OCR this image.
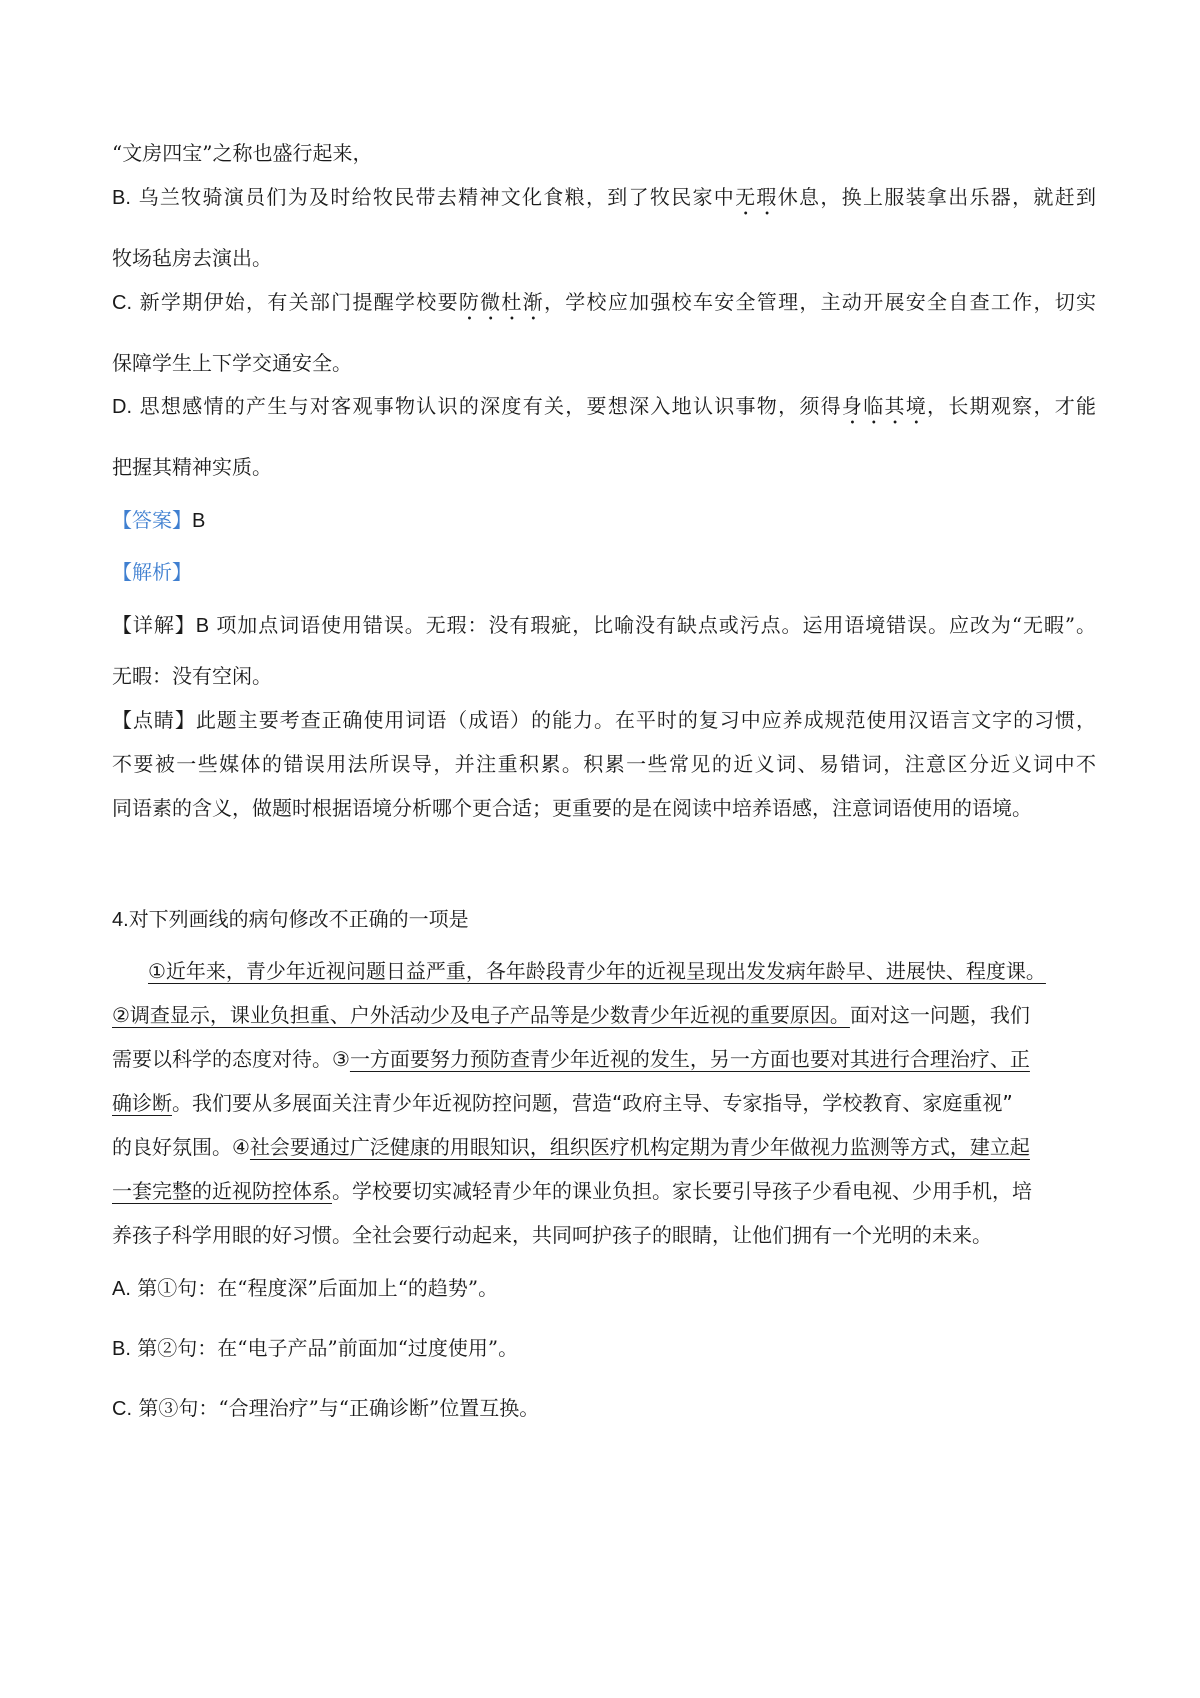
“文房四宝”之称也盛行起来，
B. 乌兰牧骑演员们为及时给牧民带去精神文化食粮，到了牧民家中无瑕休息，换上服装拿出乐器，就赶到
牧场毡房去演出。
C. 新学期伊始，有关部门提醒学校要防微杜渐，学校应加强校车安全管理，主动开展安全自查工作，切实
保障学生上下学交通安全。
D. 思想感情的产生与对客观事物认识的深度有关，要想深入地认识事物，须得身临其境，长期观察，才能
把握其精神实质。
【答案】B
【解析】
【详解】B 项加点词语使用错误。无瑕：没有瑕疵，比喻没有缺点或污点。运用语境错误。应改为“无暇”。
无暇：没有空闲。
【点睛】此题主要考查正确使用词语（成语）的能力。在平时的复习中应养成规范使用汉语言文字的习惯，
不要被一些媒体的错误用法所误导，并注重积累。积累一些常见的近义词、易错词，注意区分近义词中不
同语素的含义，做题时根据语境分析哪个更合适；更重要的是在阅读中培养语感，注意词语使用的语境。
4.对下列画线的病句修改不正确的一项是
①近年来，青少年近视问题日益严重，各年龄段青少年的近视呈现出发发病年龄早、进展快、程度课。
②调查显示，课业负担重、户外活动少及电子产品等是少数青少年近视的重要原因。面对这一问题，我们
需要以科学的态度对待。③一方面要努力预防查青少年近视的发生，另一方面也要对其进行合理治疗、正
确诊断。我们要从多展面关注青少年近视防控问题，营造“政府主导、专家指导，学校教育、家庭重视”
的良好氛围。④社会要通过广泛健康的用眼知识，组织医疗机构定期为青少年做视力监测等方式，建立起
一套完整的近视防控体系。学校要切实减轻青少年的课业负担。家长要引导孩子少看电视、少用手机，培
养孩子科学用眼的好习惯。全社会要行动起来，共同呵护孩子的眼睛，让他们拥有一个光明的未来。
A. 第①句：在“程度深”后面加上“的趋势”。
B. 第②句：在“电子产品”前面加“过度使用”。
C. 第③句：“合理治疗”与“正确诊断”位置互换。
